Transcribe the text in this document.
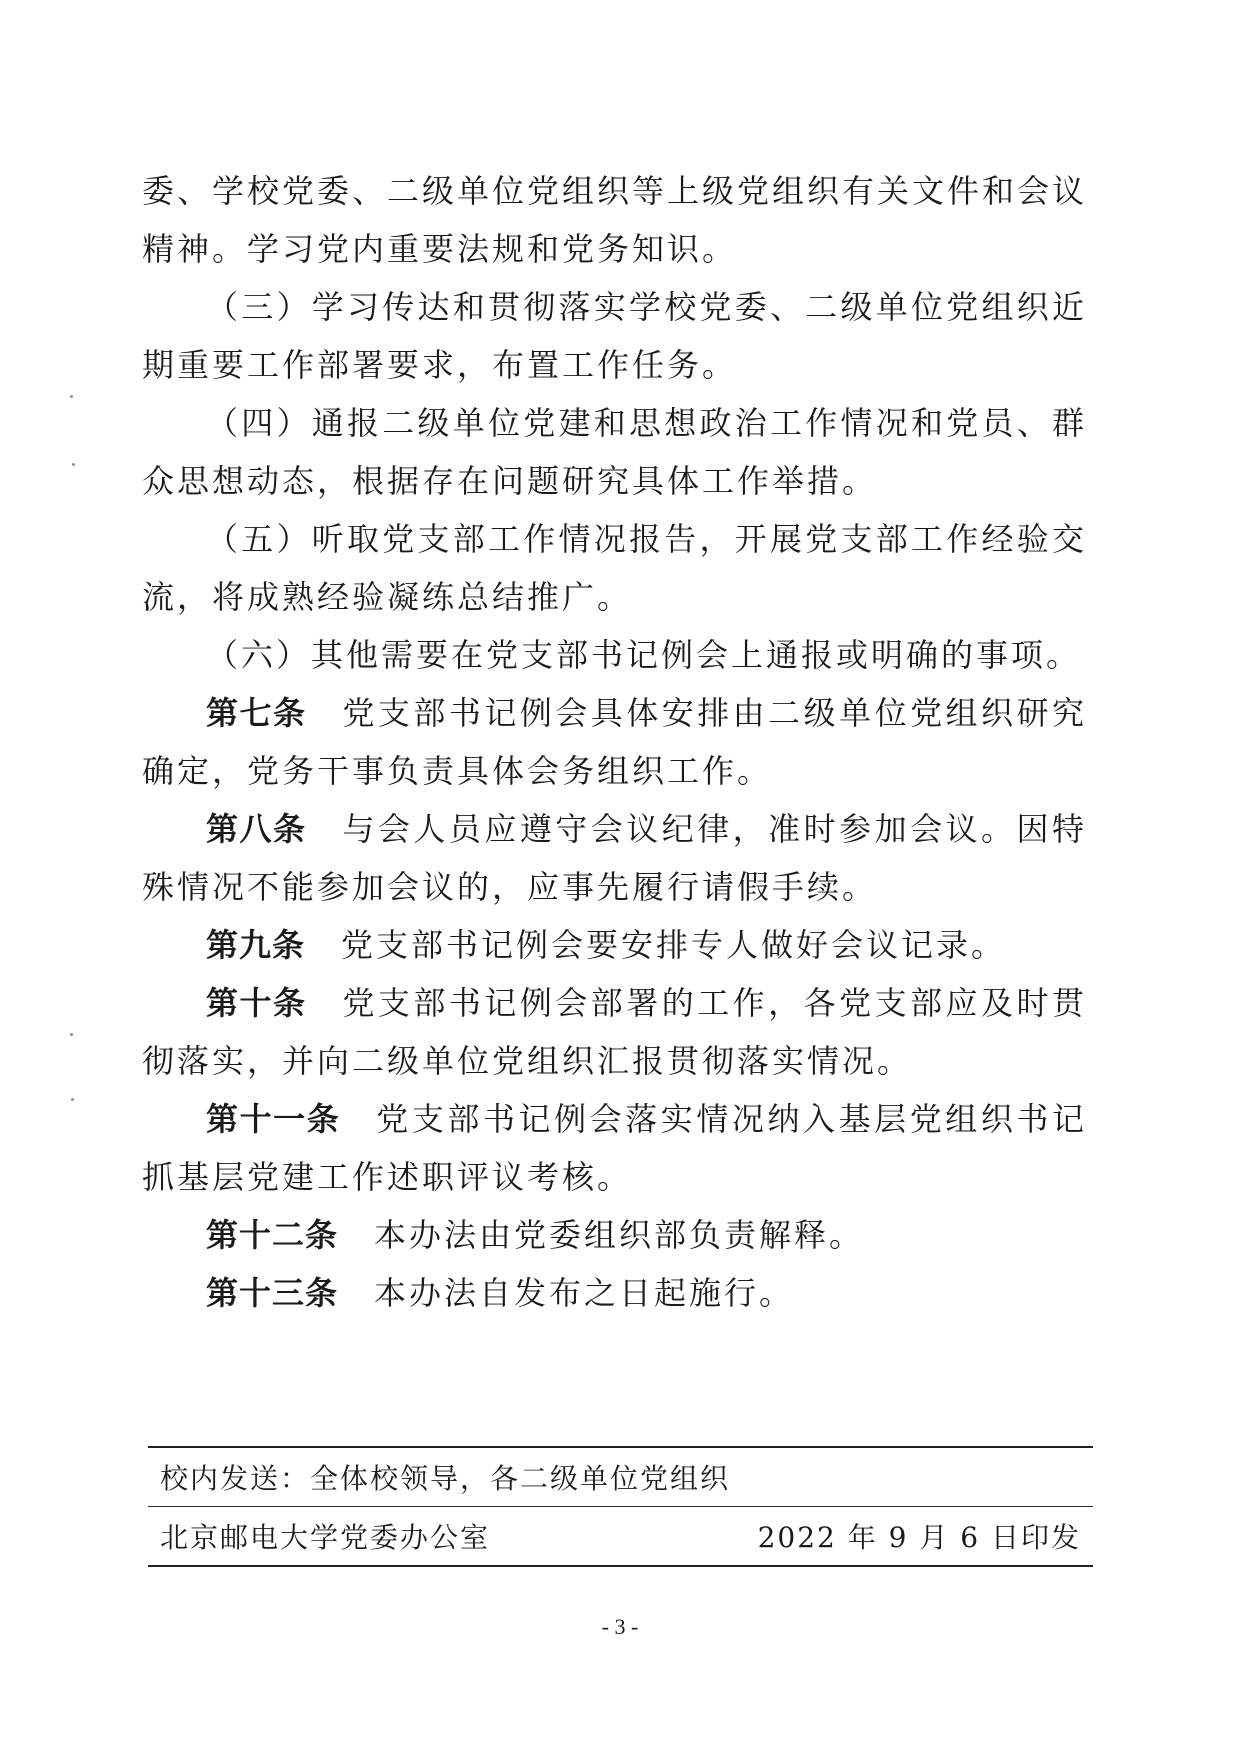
委、学校党委、二级单位党组织等上级党组织有关文件和会议精神。学习党内重要法规和党务知识。

（三）学习传达和贯彻落实学校党委、二级单位党组织近期重要工作部署要求，布置工作任务。

（四）通报二级单位党建和思想政治工作情况和党员、群众思想动态，根据存在问题研究具体工作举措。

（五）听取党支部工作情况报告，开展党支部工作经验交流，将成熟经验凝练总结推广。

（六）其他需要在党支部书记例会上通报或明确的事项。

第七条 党支部书记例会具体安排由二级单位党组织研究确定，党务干事负责具体会务组织工作。

第八条 与会人员应遵守会议纪律，准时参加会议。因特殊情况不能参加会议的，应事先履行请假手续。

第九条 党支部书记例会要安排专人做好会议记录。

第十条 党支部书记例会部署的工作，各党支部应及时贯彻落实，并向二级单位党组织汇报贯彻落实情况。

第十一条 党支部书记例会落实情况纳入基层党组织书记抓基层党建工作述职评议考核。

第十二条 本办法由党委组织部负责解释。

第十三条 本办法自发布之日起施行。

校内发送：全体校领导，各二级单位党组织
北京邮电大学党委办公室	2022 年 9 月 6 日印发
- 3 -
